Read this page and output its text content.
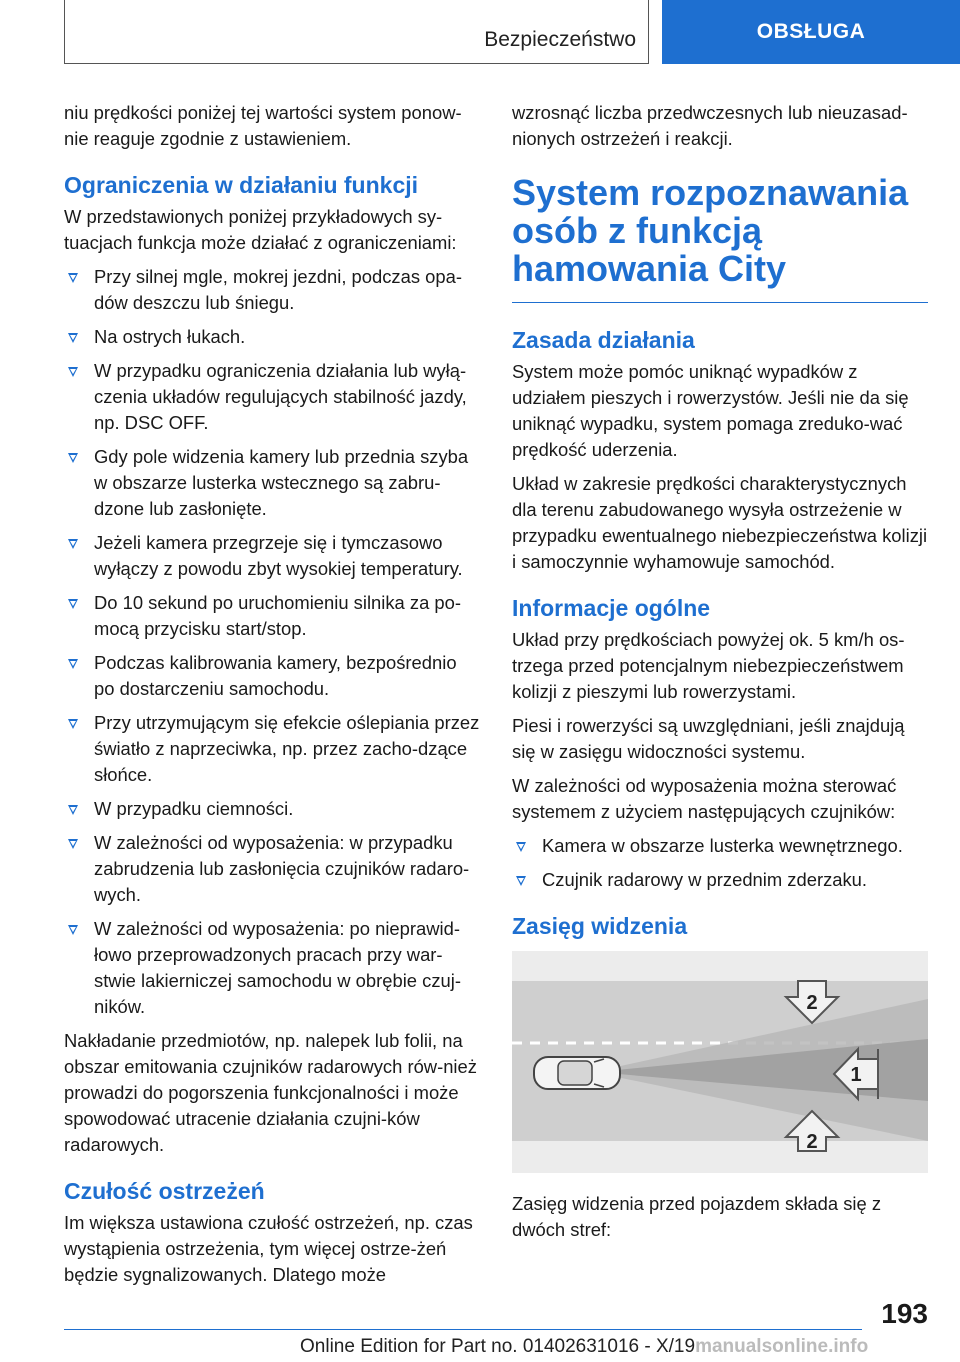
Bezpieczeństwo	OBSŁUGA

niu prędkości poniżej tej wartości system ponow-nie reaguje zgodnie z ustawieniem.

Ograniczenia w działaniu funkcji

W przedstawionych poniżej przykładowych sy-tuacjach funkcja może działać z ograniczeniami:

Przy silnej mgle, mokrej jezdni, podczas opa-dów deszczu lub śniegu.
Na ostrych łukach.
W przypadku ograniczenia działania lub wyłą-czenia układów regulujących stabilność jazdy, np. DSC OFF.
Gdy pole widzenia kamery lub przednia szyba w obszarze lusterka wstecznego są zabru-dzone lub zasłonięte.
Jeżeli kamera przegrzeje się i tymczasowo wyłączy z powodu zbyt wysokiej temperatury.
Do 10 sekund po uruchomieniu silnika za po-mocą przycisku start/stop.
Podczas kalibrowania kamery, bezpośrednio po dostarczeniu samochodu.
Przy utrzymującym się efekcie oślepiania przez światło z naprzeciwka, np. przez zacho-dzące słońce.
W przypadku ciemności.
W zależności od wyposażenia: w przypadku zabrudzenia lub zasłonięcia czujników radaro-wych.
W zależności od wyposażenia: po nieprawid-łowo przeprowadzonych pracach przy war-stwie lakierniczej samochodu w obrębie czuj-ników.

Nakładanie przedmiotów, np. nalepek lub folii, na obszar emitowania czujników radarowych rów-nież prowadzi do pogorszenia funkcjonalności i może spowodować utracenie działania czujni-ków radarowych.

Czułość ostrzeżeń

Im większa ustawiona czułość ostrzeżeń, np. czas wystąpienia ostrzeżenia, tym więcej ostrze-żeń będzie sygnalizowanych. Dlatego może

wzrosnąć liczba przedwczesnych lub nieuzasad-nionych ostrzeżeń i reakcji.

System rozpoznawania osób z funkcją hamowania City
Zasada działania

System może pomóc uniknąć wypadków z udziałem pieszych i rowerzystów. Jeśli nie da się uniknąć wypadku, system pomaga zreduko-wać prędkość uderzenia.

Układ w zakresie prędkości charakterystycznych dla terenu zabudowanego wysyła ostrzeżenie w przypadku ewentualnego niebezpieczeństwa kolizji i samoczynnie wyhamowuje samochód.

Informacje ogólne

Układ przy prędkościach powyżej ok. 5 km/h os-trzega przed potencjalnym niebezpieczeństwem kolizji z pieszymi lub rowerzystami.

Piesi i rowerzyści są uwzględniani, jeśli znajdują się w zasięgu widoczności systemu.

W zależności od wyposażenia można sterować systemem z użyciem następujących czujników:

Kamera w obszarze lusterka wewnętrznego.
Czujnik radarowy w przednim zderzaku.
Zasięg widzenia
2
1
2

Zasięg widzenia przed pojazdem składa się z dwóch stref:

193
Online Edition for Part no. 01402631016 - X/19manualsonline.info
